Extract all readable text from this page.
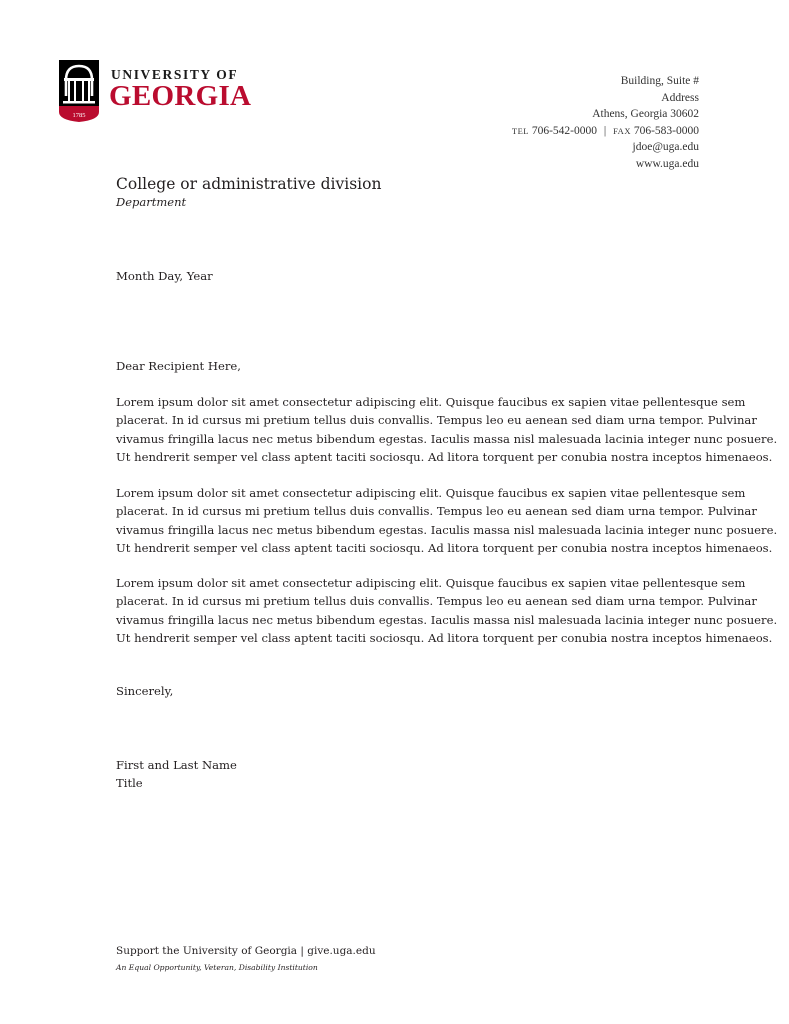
1785
UNIVERSITY OF
GEORGIA	Building, Suite #
Address
Athens, Georgia 30602
TEL 706-542-0000 | FAX 706-583-0000
jdoe@uga.edu
www.uga.edu
College or administrative division
Department
Month Day, Year
Dear Recipient Here,
Lorem ipsum dolor sit amet consectetur adipiscing elit. Quisque faucibus ex sapien vitae pellentesque sem
placerat. In id cursus mi pretium tellus duis convallis. Tempus leo eu aenean sed diam urna tempor. Pulvinar
vivamus fringilla lacus nec metus bibendum egestas. Iaculis massa nisl malesuada lacinia integer nunc posuere.
Ut hendrerit semper vel class aptent taciti sociosqu. Ad litora torquent per conubia nostra inceptos himenaeos.
Lorem ipsum dolor sit amet consectetur adipiscing elit. Quisque faucibus ex sapien vitae pellentesque sem
placerat. In id cursus mi pretium tellus duis convallis. Tempus leo eu aenean sed diam urna tempor. Pulvinar
vivamus fringilla lacus nec metus bibendum egestas. Iaculis massa nisl malesuada lacinia integer nunc posuere.
Ut hendrerit semper vel class aptent taciti sociosqu. Ad litora torquent per conubia nostra inceptos himenaeos.
Lorem ipsum dolor sit amet consectetur adipiscing elit. Quisque faucibus ex sapien vitae pellentesque sem
placerat. In id cursus mi pretium tellus duis convallis. Tempus leo eu aenean sed diam urna tempor. Pulvinar
vivamus fringilla lacus nec metus bibendum egestas. Iaculis massa nisl malesuada lacinia integer nunc posuere.
Ut hendrerit semper vel class aptent taciti sociosqu. Ad litora torquent per conubia nostra inceptos himenaeos.
Sincerely,
First and Last Name
Title
Support the University of Georgia | give.uga.edu
An Equal Opportunity, Veteran, Disability Institution
